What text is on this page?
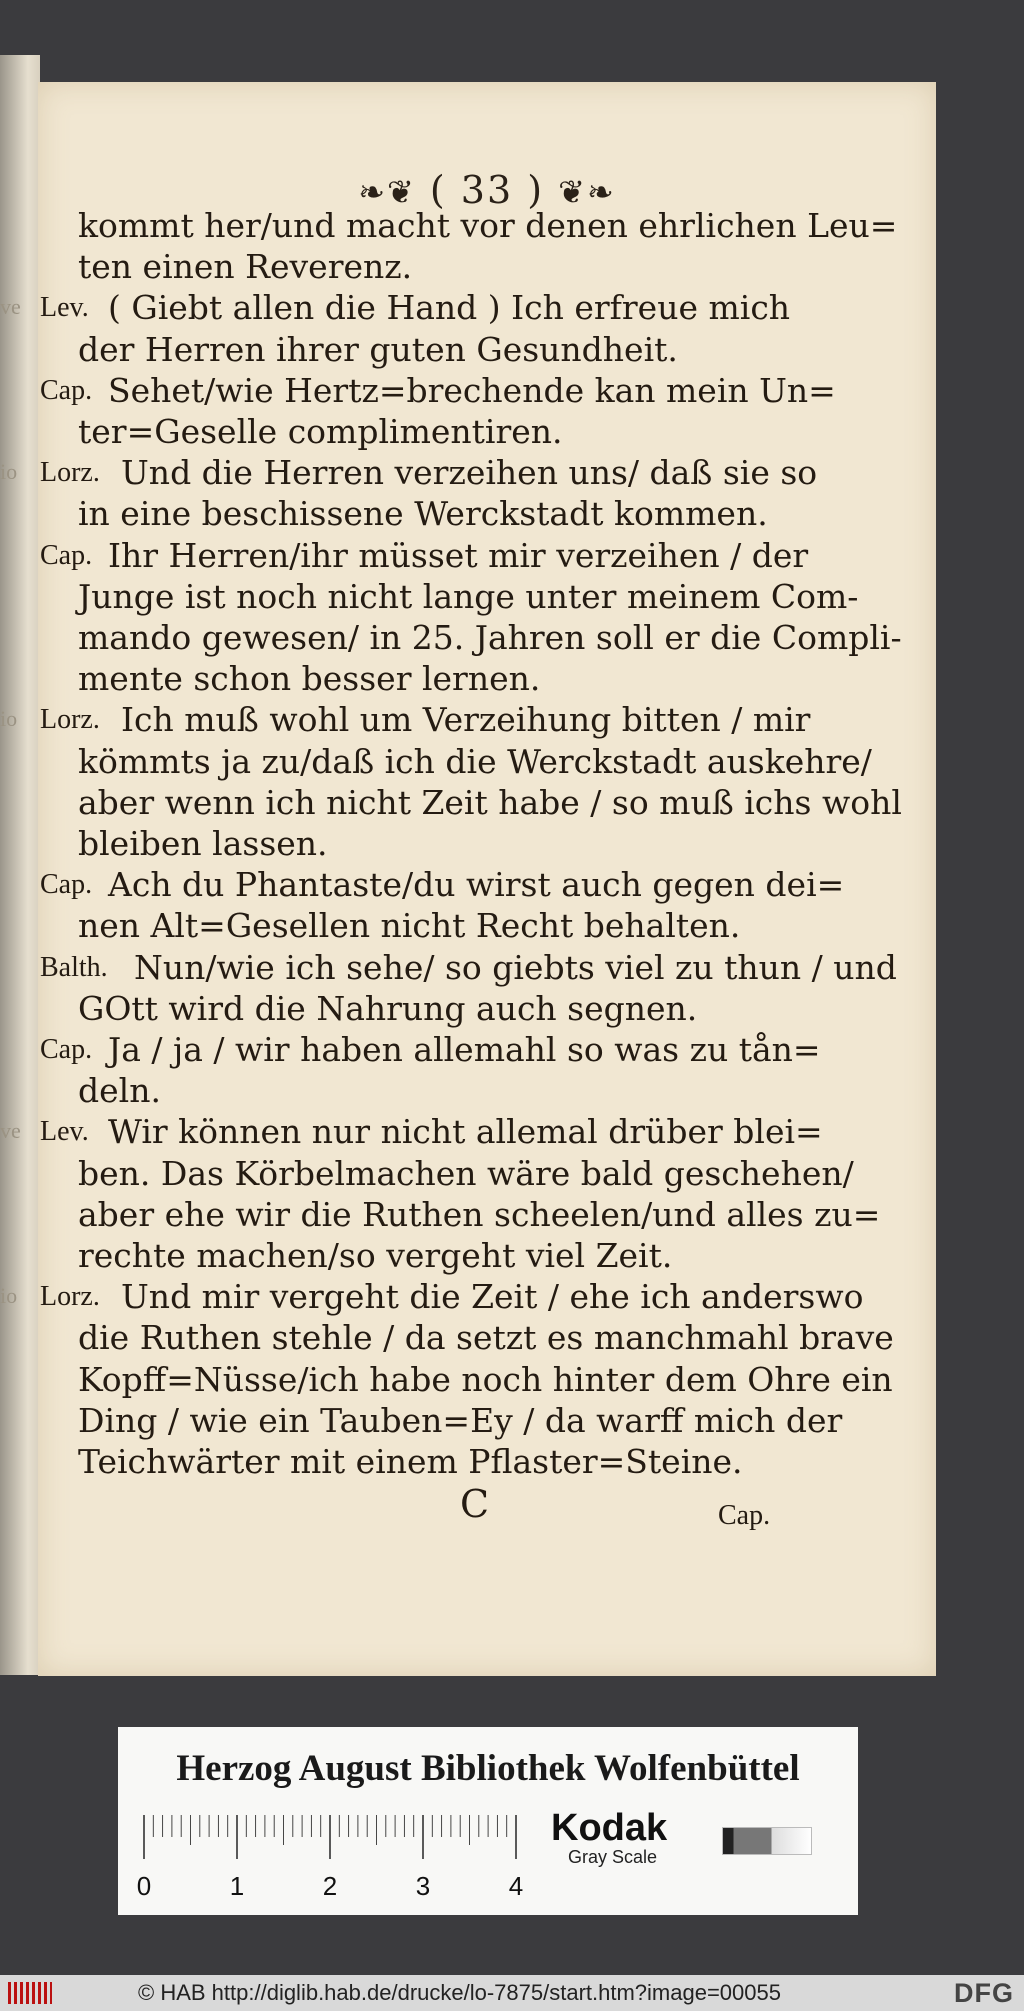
❧❦ ( 33 ) ❦❧
kommt her/und macht vor denen ehrlichen Leu=
ten einen Reverenz.
ve Lev. ( Giebt allen die Hand ) Ich erfreue mich
der Herren ihrer guten Gesundheit.
Cap. Sehet/wie Hertz=brechende kan mein Un=
ter=Geselle complimentiren.
io Lorz. Und die Herren verzeihen uns/ daß sie so
in eine beschissene Werckstadt kommen.
Cap. Ihr Herren/ihr müsset mir verzeihen / der
Junge ist noch nicht lange unter meinem Com-
mando gewesen/ in 25. Jahren soll er die Compli-
mente schon besser lernen.
io Lorz. Ich muß wohl um Verzeihung bitten / mir
kömmts ja zu/daß ich die Werckstadt auskehre/
aber wenn ich nicht Zeit habe / so muß ichs wohl
bleiben lassen.
Cap. Ach du Phantaste/du wirst auch gegen dei=
nen Alt=Gesellen nicht Recht behalten.
Balth. Nun/wie ich sehe/ so giebts viel zu thun / und
GOtt wird die Nahrung auch segnen.
Cap. Ja / ja / wir haben allemahl so was zu tån=
deln.
ve Lev. Wir können nur nicht allemal drüber blei=
ben. Das Körbelmachen wäre bald geschehen/
aber ehe wir die Ruthen scheelen/und alles zu=
rechte machen/so vergeht viel Zeit.
io Lorz. Und mir vergeht die Zeit / ehe ich anderswo
die Ruthen stehle / da setzt es manchmahl brave
Kopff=Nüsse/ich habe noch hinter dem Ohre ein
Ding / wie ein Tauben=Ey / da warff mich der
Teichwärter mit einem Pflaster=Steine.
C	Cap.
Herzog August Bibliothek Wolfenbüttel
0	1	2	3	4
Kodak
Gray Scale
© HAB http://diglib.hab.de/drucke/lo-7875/start.htm?image=00055	DFG
